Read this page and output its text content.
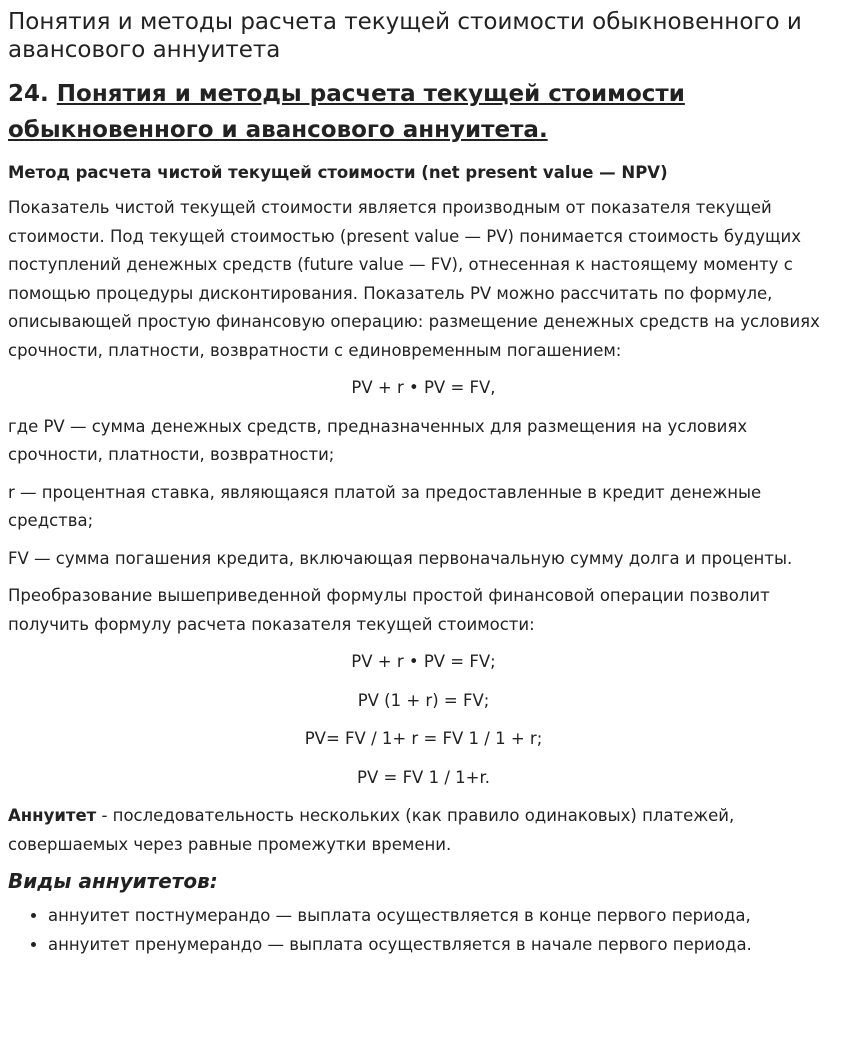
Понятия и методы расчета текущей стоимости обыкновенного и авансового аннуитета
24. Понятия и методы расчета текущей стоимости обыкновенного и авансового аннуитета.
Метод расчета чистой текущей стоимости (net present value — NPV)

Показатель чистой текущей стоимости является производным от показателя текущей стоимости. Под текущей стоимостью (present value — PV) понимается стоимость будущих поступлений денежных средств (future value — FV), отнесенная к настоящему моменту с помощью процедуры дисконтирования. Показатель PV можно рассчитать по формуле, описывающей простую финансовую операцию: размещение денежных средств на условиях срочности, платности, возвратности с единовременным погашением:

PV + r • PV = FV,

где PV — сумма денежных средств, предназначенных для размещения на условиях срочности, платности, возвратности;

r — процентная ставка, являющаяся платой за предоставленные в кредит денежные средства;

FV — сумма погашения кредита, включающая первоначальную сумму долга и проценты.

Преобразование вышеприведенной формулы простой финансовой операции позволит получить формулу расчета показателя текущей стоимости:

PV + r • PV = FV;

PV (1 + r) = FV;

PV= FV / 1+ r = FV 1 / 1 + r;

PV = FV 1 / 1+r.

Аннуитет - последовательность нескольких (как правило одинаковых) платежей, совершаемых через равные промежутки времени.

Виды аннуитетов:
• аннуитет постнумерандо — выплата осуществляется в конце первого периода,
• аннуитет пренумерандо — выплата осуществляется в начале первого периода.
